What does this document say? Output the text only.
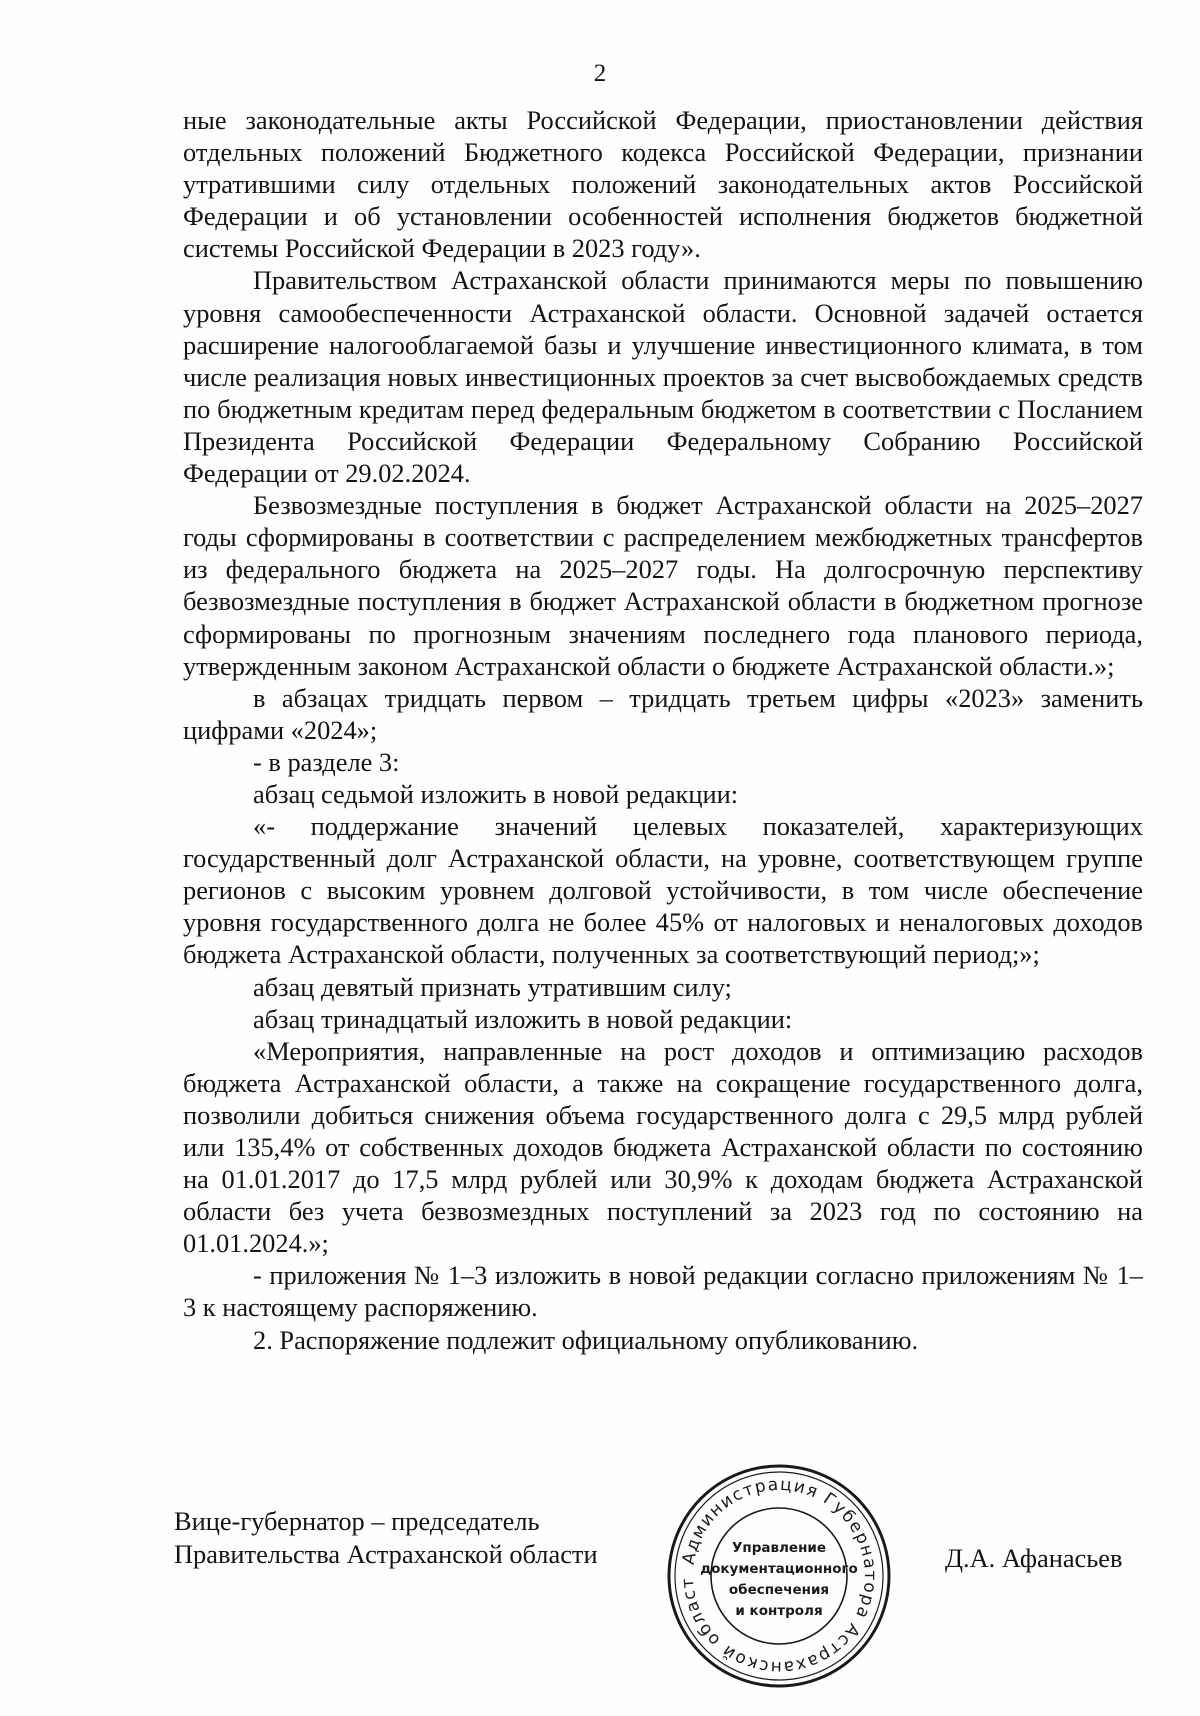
2

ные законодательные акты Российской Федерации, приостановлении действия отдельных положений Бюджетного кодекса Российской Федерации, признании утратившими силу отдельных положений законодательных актов Российской Федерации и об установлении особенностей исполнения бюджетов бюджетной системы Российской Федерации в 2023 году».

Правительством Астраханской области принимаются меры по повышению уровня самообеспеченности Астраханской области. Основной задачей остается расширение налогооблагаемой базы и улучшение инвестиционного климата, в том числе реализация новых инвестиционных проектов за счет высвобождаемых средств по бюджетным кредитам перед федеральным бюджетом в соответствии с Посланием Президента Российской Федерации Федеральному Собранию Российской Федерации от 29.02.2024.

Безвозмездные поступления в бюджет Астраханской области на 2025–2027 годы сформированы в соответствии с распределением межбюджетных трансфертов из федерального бюджета на 2025–2027 годы. На долгосрочную перспективу безвозмездные поступления в бюджет Астраханской области в бюджетном прогнозе сформированы по прогнозным значениям последнего года планового периода, утвержденным законом Астраханской области о бюджете Астраханской области.»;

в абзацах тридцать первом – тридцать третьем цифры «2023» заменить цифрами «2024»;

- в разделе 3:

абзац седьмой изложить в новой редакции:

«- поддержание значений целевых показателей, характеризующих государственный долг Астраханской области, на уровне, соответствующем группе регионов с высоким уровнем долговой устойчивости, в том числе обеспечение уровня государственного долга не более 45% от налоговых и неналоговых доходов бюджета Астраханской области, полученных за соответствующий период;»;

абзац девятый признать утратившим силу;

абзац тринадцатый изложить в новой редакции:

«Мероприятия, направленные на рост доходов и оптимизацию расходов бюджета Астраханской области, а также на сокращение государственного долга, позволили добиться снижения объема государственного долга с 29,5 млрд рублей или 135,4% от собственных доходов бюджета Астраханской области по состоянию на 01.01.2017 до 17,5 млрд рублей или 30,9% к доходам бюджета Астраханской области без учета безвозмездных поступлений за 2023 год по состоянию на 01.01.2024.»;

- приложения № 1–3 изложить в новой редакции согласно приложениям № 1–3 к настоящему распоряжению.

2. Распоряжение подлежит официальному опубликованию.

Вице-губернатор – председатель
Правительства Астраханской области	Администрация Губернатора Астраханской област
Управление
документационного
обеспечения
и контроля
Д.А. Афанасьев
